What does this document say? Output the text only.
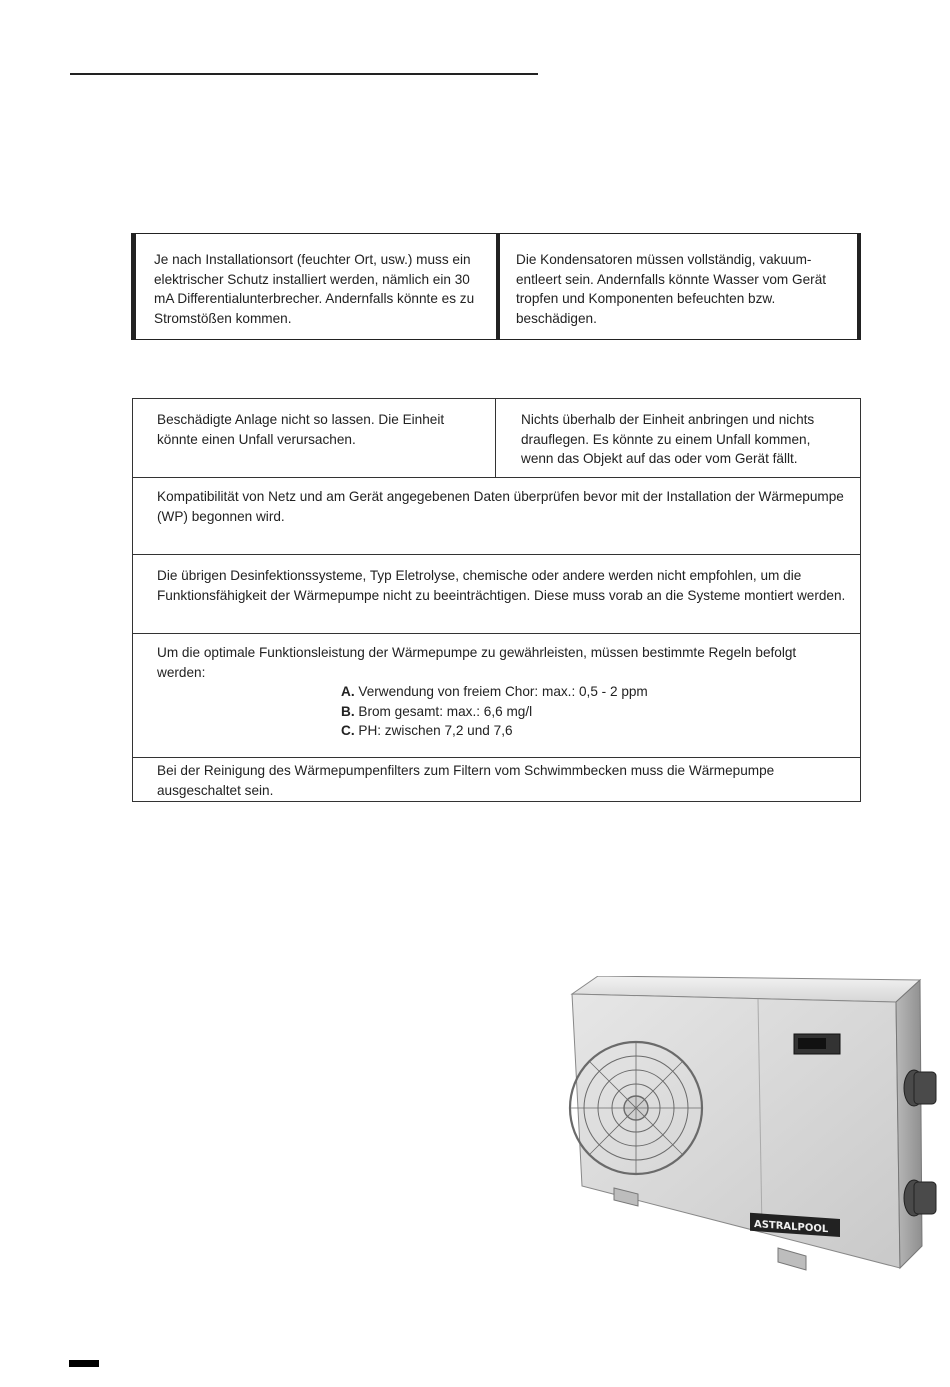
Je nach Installationsort (feuchter Ort, usw.) muss ein elektrischer Schutz installiert werden, nämlich ein 30 mA Differentialunterbrecher. Andernfalls könnte es zu Stromstößen kommen.
Die Kondensatoren müssen vollständig, vakuum-entleert sein. Andernfalls könnte Wasser vom Gerät tropfen und Komponenten befeuchten bzw. beschädigen.
Beschädigte Anlage nicht so lassen. Die Einheit könnte einen Unfall verursachen.
Nichts überhalb der Einheit anbringen und nichts drauflegen. Es könnte zu einem Unfall kommen, wenn das Objekt auf das oder vom Gerät fällt.
Kompatibilität von Netz und am Gerät angegebenen Daten überprüfen bevor mit der Installation der Wärmepumpe (WP) begonnen wird.
Die übrigen Desinfektionssysteme, Typ Eletrolyse, chemische oder andere werden nicht empfohlen, um die Funktionsfähigkeit der Wärmepumpe nicht zu beeinträchtigen. Diese muss vorab an die Systeme montiert werden.
Um die optimale Funktionsleistung der Wärmepumpe zu gewährleisten, müssen bestimmte Regeln befolgt werden:
A. Verwendung von freiem Chor: max.: 0,5 - 2 ppm
B. Brom gesamt: max.: 6,6 mg/l
C. PH: zwischen 7,2 und 7,6
Bei der Reinigung des Wärmepumpenfilters zum Filtern vom Schwimmbecken muss die Wärmepumpe ausgeschaltet sein.
ASTRALPOOL
